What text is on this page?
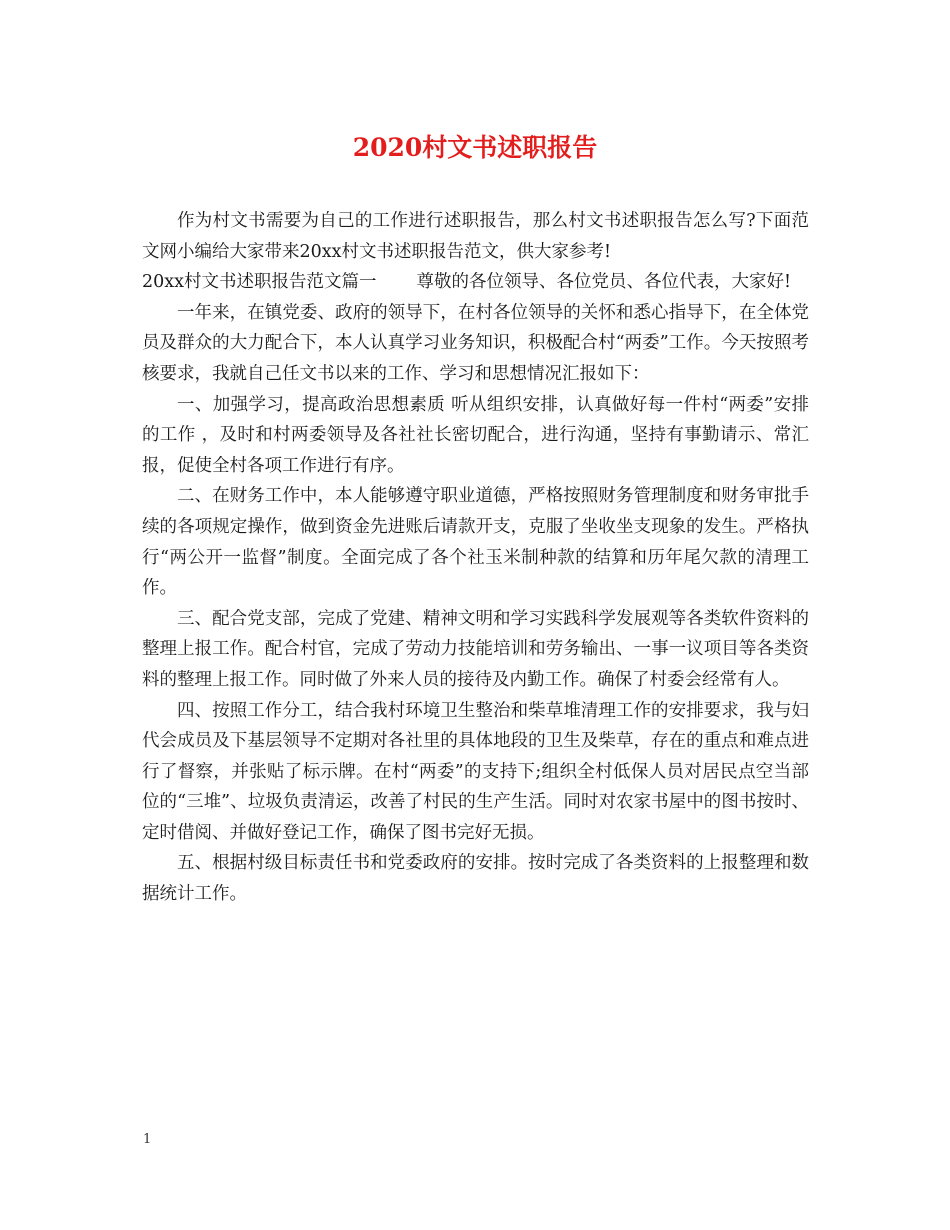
2020村文书述职报告

作为村文书需要为自己的工作进行述职报告，那么村文书述职报告怎么写?下面范文网小编给大家带来20xx村文书述职报告范文，供大家参考!

20xx村文书述职报告范文篇一 尊敬的各位领导、各位党员、各位代表，大家好!

一年来，在镇党委、政府的领导下，在村各位领导的关怀和悉心指导下，在全体党员及群众的大力配合下，本人认真学习业务知识，积极配合村“两委”工作。今天按照考核要求，我就自己任文书以来的工作、学习和思想情况汇报如下：

一、加强学习，提高政治思想素质 听从组织安排，认真做好每一件村“两委”安排的工作 ，及时和村两委领导及各社社长密切配合，进行沟通，坚持有事勤请示、常汇报，促使全村各项工作进行有序。

二、在财务工作中，本人能够遵守职业道德，严格按照财务管理制度和财务审批手续的各项规定操作，做到资金先进账后请款开支，克服了坐收坐支现象的发生。严格执行“两公开一监督”制度。全面完成了各个社玉米制种款的结算和历年尾欠款的清理工作。

三、配合党支部，完成了党建、精神文明和学习实践科学发展观等各类软件资料的整理上报工作。配合村官，完成了劳动力技能培训和劳务输出、一事一议项目等各类资料的整理上报工作。同时做了外来人员的接待及内勤工作。确保了村委会经常有人。

四、按照工作分工，结合我村环境卫生整治和柴草堆清理工作的安排要求，我与妇代会成员及下基层领导不定期对各社里的具体地段的卫生及柴草，存在的重点和难点进行了督察，并张贴了标示牌。在村“两委”的支持下;组织全村低保人员对居民点空当部位的“三堆”、垃圾负责清运，改善了村民的生产生活。同时对农家书屋中的图书按时、定时借阅、并做好登记工作，确保了图书完好无损。

五、根据村级目标责任书和党委政府的安排。按时完成了各类资料的上报整理和数据统计工作。

1
